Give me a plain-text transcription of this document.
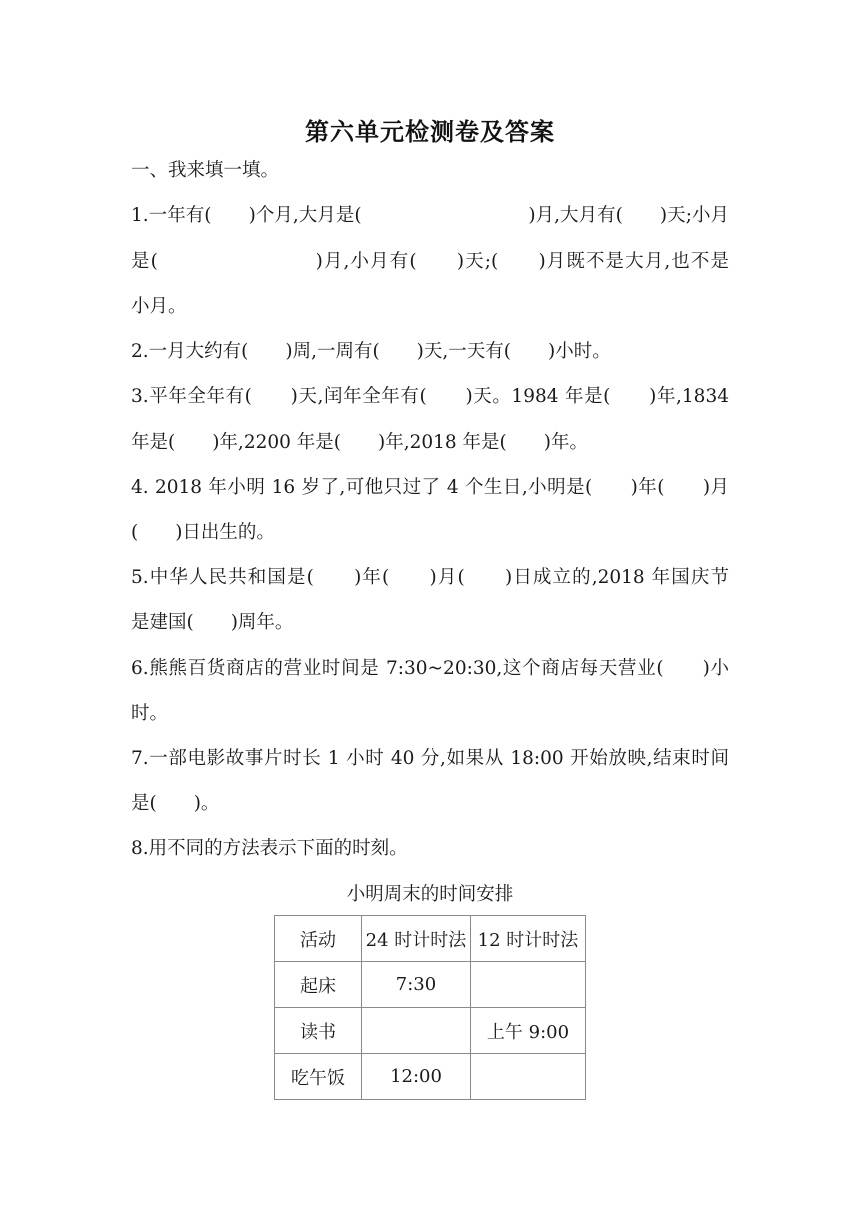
第六单元检测卷及答案
一、我来填一填。
1.一年有(　　)个月,大月是(　　　　　　　　　)月,大月有(　　)天;小月
是(　　　　　　　　)月,小月有(　　)天;(　　)月既不是大月,也不是
小月。
2.一月大约有(　　)周,一周有(　　)天,一天有(　　)小时。
3.平年全年有(　　)天,闰年全年有(　　)天。1984 年是(　　)年,1834
年是(　　)年,2200 年是(　　)年,2018 年是(　　)年。
4. 2018 年小明 16 岁了,可他只过了 4 个生日,小明是(　　)年(　　)月
(　　)日出生的。
5.中华人民共和国是(　　)年(　　)月(　　)日成立的,2018 年国庆节
是建国(　　)周年。
6.熊熊百货商店的营业时间是 7:30~20:30,这个商店每天营业(　　)小
时。
7.一部电影故事片时长 1 小时 40 分,如果从 18:00 开始放映,结束时间
是(　　)。
8.用不同的方法表示下面的时刻。
小明周末的时间安排
活动	24 时计时法	12 时计时法
起床	7:30	
读书		上午 9:00
吃午饭	12:00	
